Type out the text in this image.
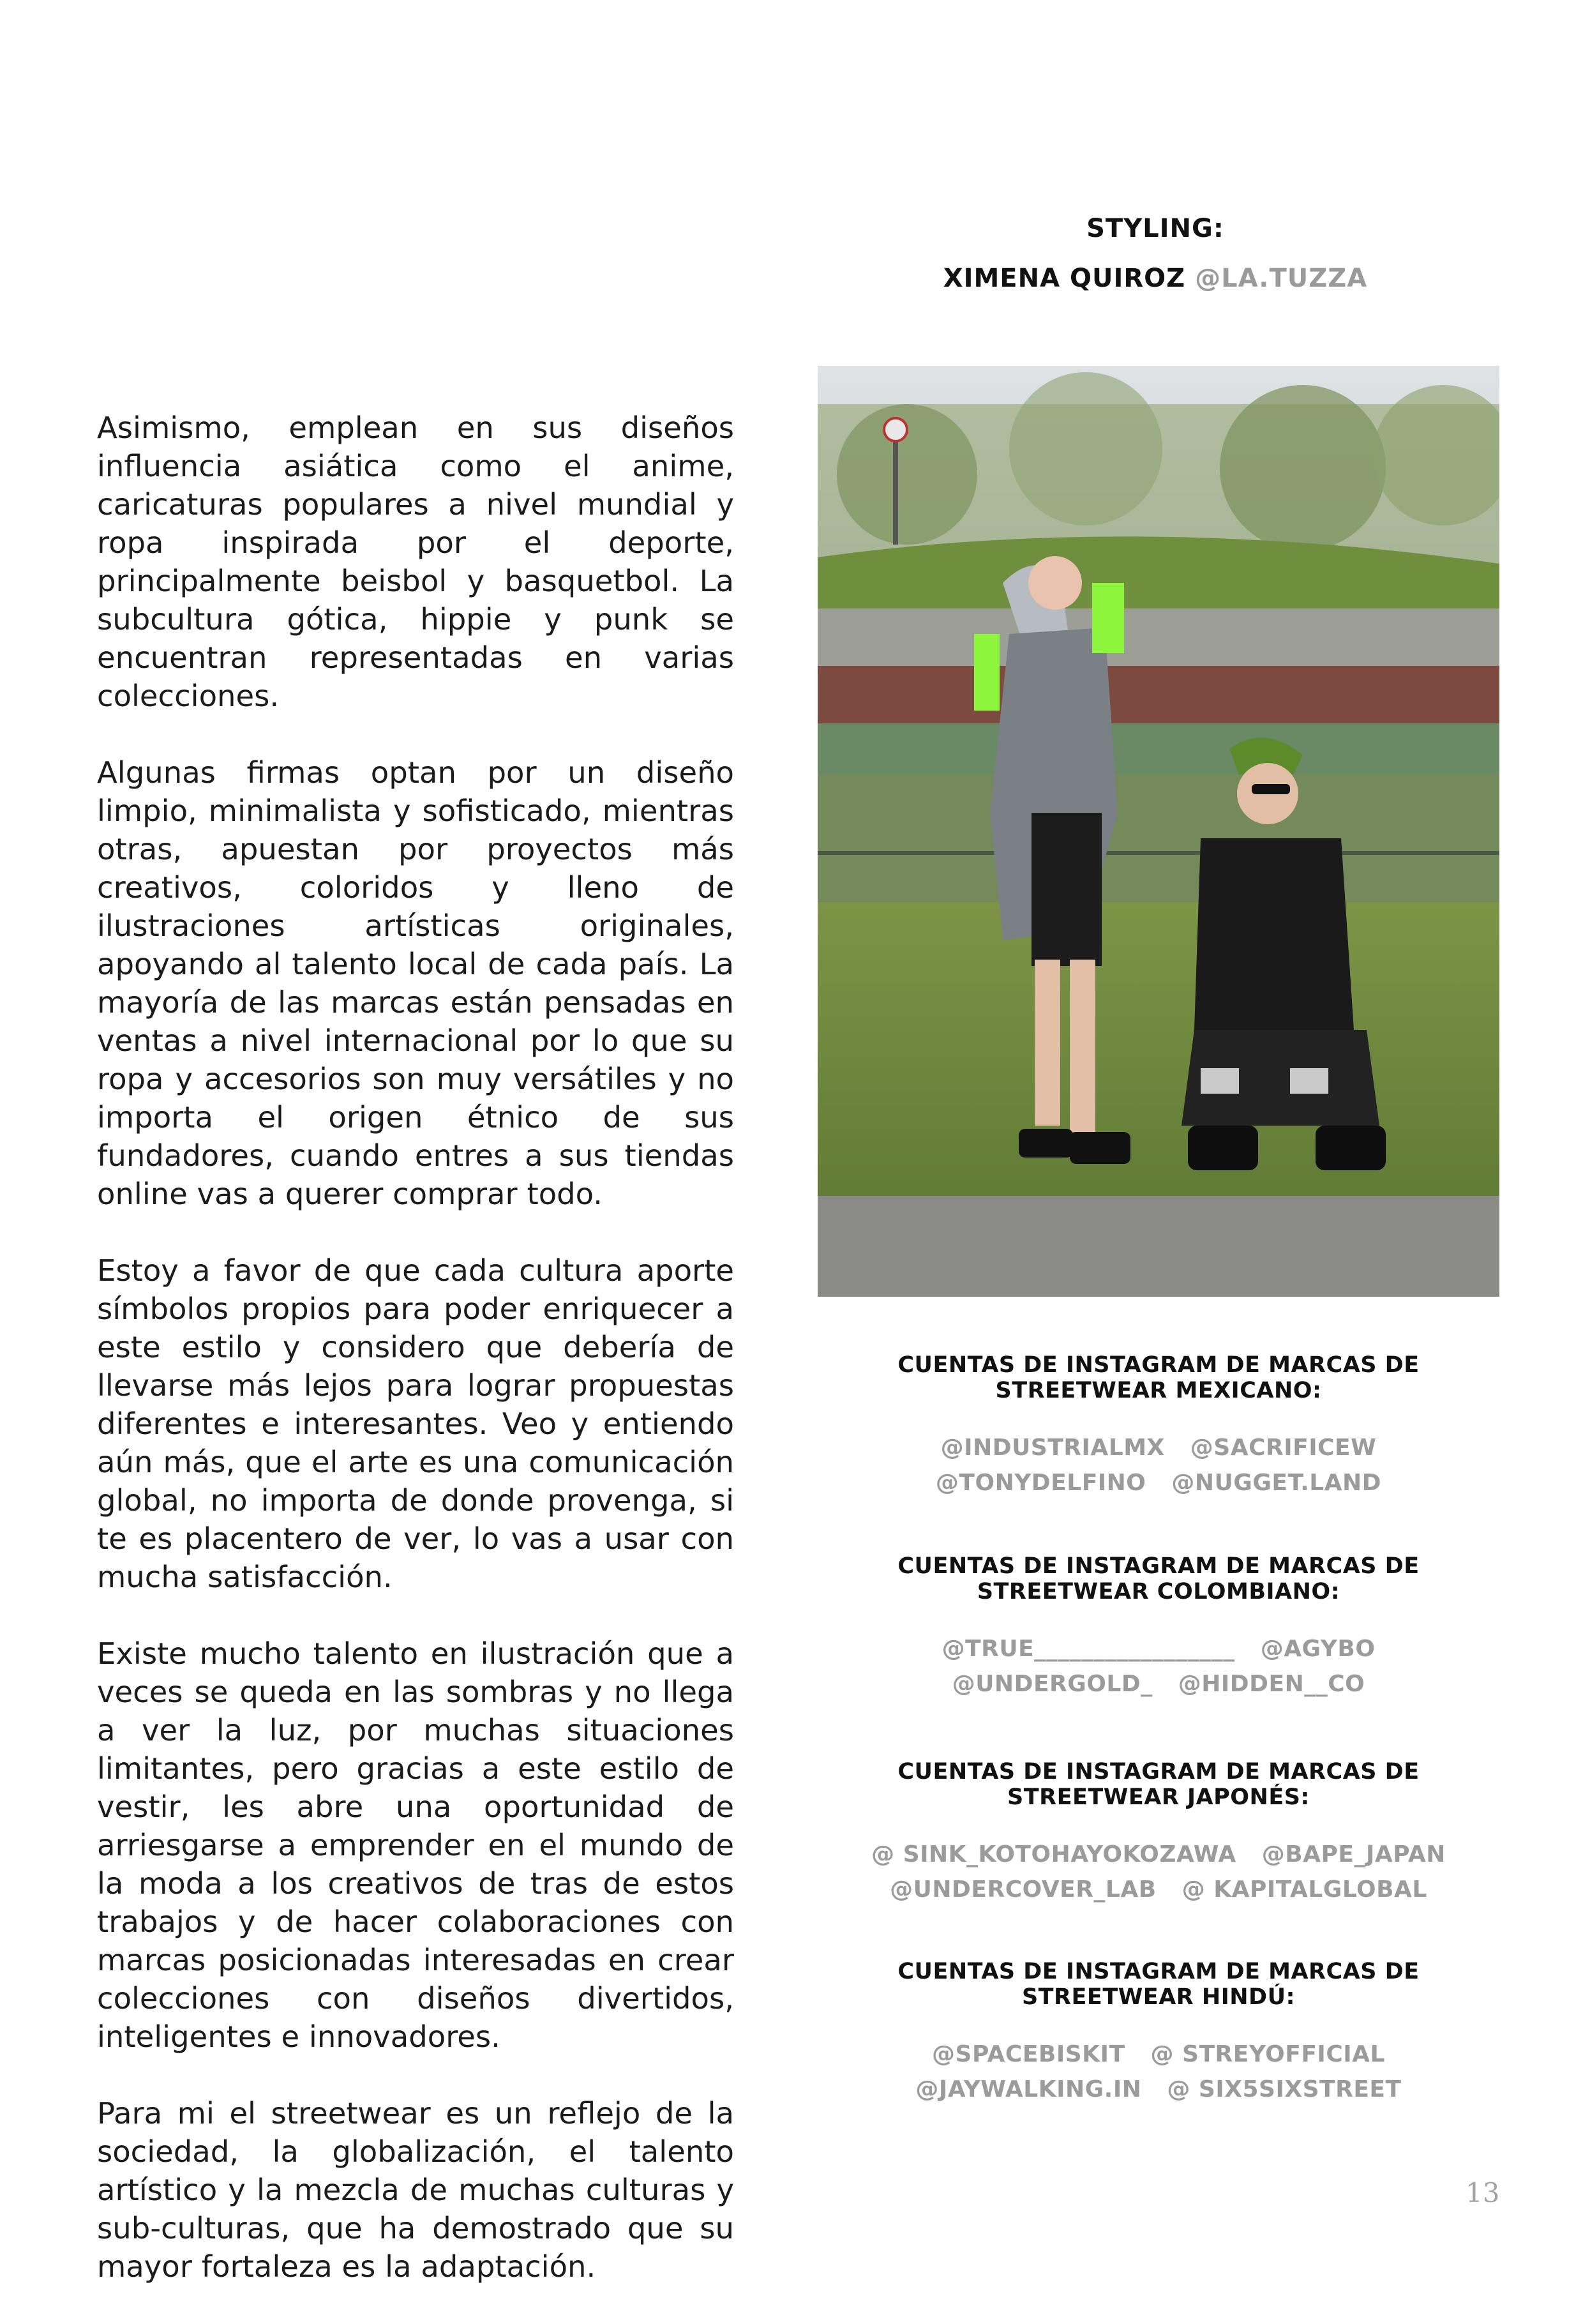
STYLING:
XIMENA QUIROZ @LA.TUZZA

Asimismo, emplean en sus diseños influencia asiática como el anime, caricaturas populares a nivel mundial y ropa inspirada por el deporte, principalmente beisbol y basquetbol. La subcultura gótica, hippie y punk se encuentran representadas en varias colecciones.

Algunas firmas optan por un diseño limpio, minimalista y sofisticado, mientras otras, apuestan por proyectos más creativos, coloridos y lleno de ilustraciones artísticas originales, apoyando al talento local de cada país. La mayoría de las marcas están pensadas en ventas a nivel internacional por lo que su ropa y accesorios son muy versátiles y no importa el origen étnico de sus fundadores, cuando entres a sus tiendas online vas a querer comprar todo.

Estoy a favor de que cada cultura aporte símbolos propios para poder enriquecer a este estilo y considero que debería de llevarse más lejos para lograr propuestas diferentes e interesantes. Veo y entiendo aún más, que el arte es una comunicación global, no importa de donde provenga, si te es placentero de ver, lo vas a usar con mucha satisfacción.

Existe mucho talento en ilustración que a veces se queda en las sombras y no llega a ver la luz, por muchas situaciones limitantes, pero gracias a este estilo de vestir, les abre una oportunidad de arriesgarse a emprender en el mundo de la moda a los creativos de tras de estos trabajos y de hacer colaboraciones con marcas posicionadas interesadas en crear colecciones con diseños divertidos, inteligentes e innovadores.

Para mi el streetwear es un reflejo de la sociedad, la globalización, el talento artístico y la mezcla de muchas culturas y sub-culturas, que ha demostrado que su mayor fortaleza es la adaptación.

CUENTAS DE INSTAGRAM DE MARCAS DE

STREETWEAR MEXICANO:

@INDUSTRIALMX @SACRIFICEW
@TONYDELFINO @NUGGET.LAND

CUENTAS DE INSTAGRAM DE MARCAS DE

STREETWEAR COLOMBIANO:

@TRUE_________________ @AGYBO
@UNDERGOLD_ @HIDDEN__CO

CUENTAS DE INSTAGRAM DE MARCAS DE

STREETWEAR JAPONÉS:

@ SINK_KOTOHAYOKOZAWA @BAPE_JAPAN
@UNDERCOVER_LAB @ KAPITALGLOBAL

CUENTAS DE INSTAGRAM DE MARCAS DE

STREETWEAR HINDÚ:

@SPACEBISKIT @ STREYOFFICIAL
@JAYWALKING.IN @ SIX5SIXSTREET
13
